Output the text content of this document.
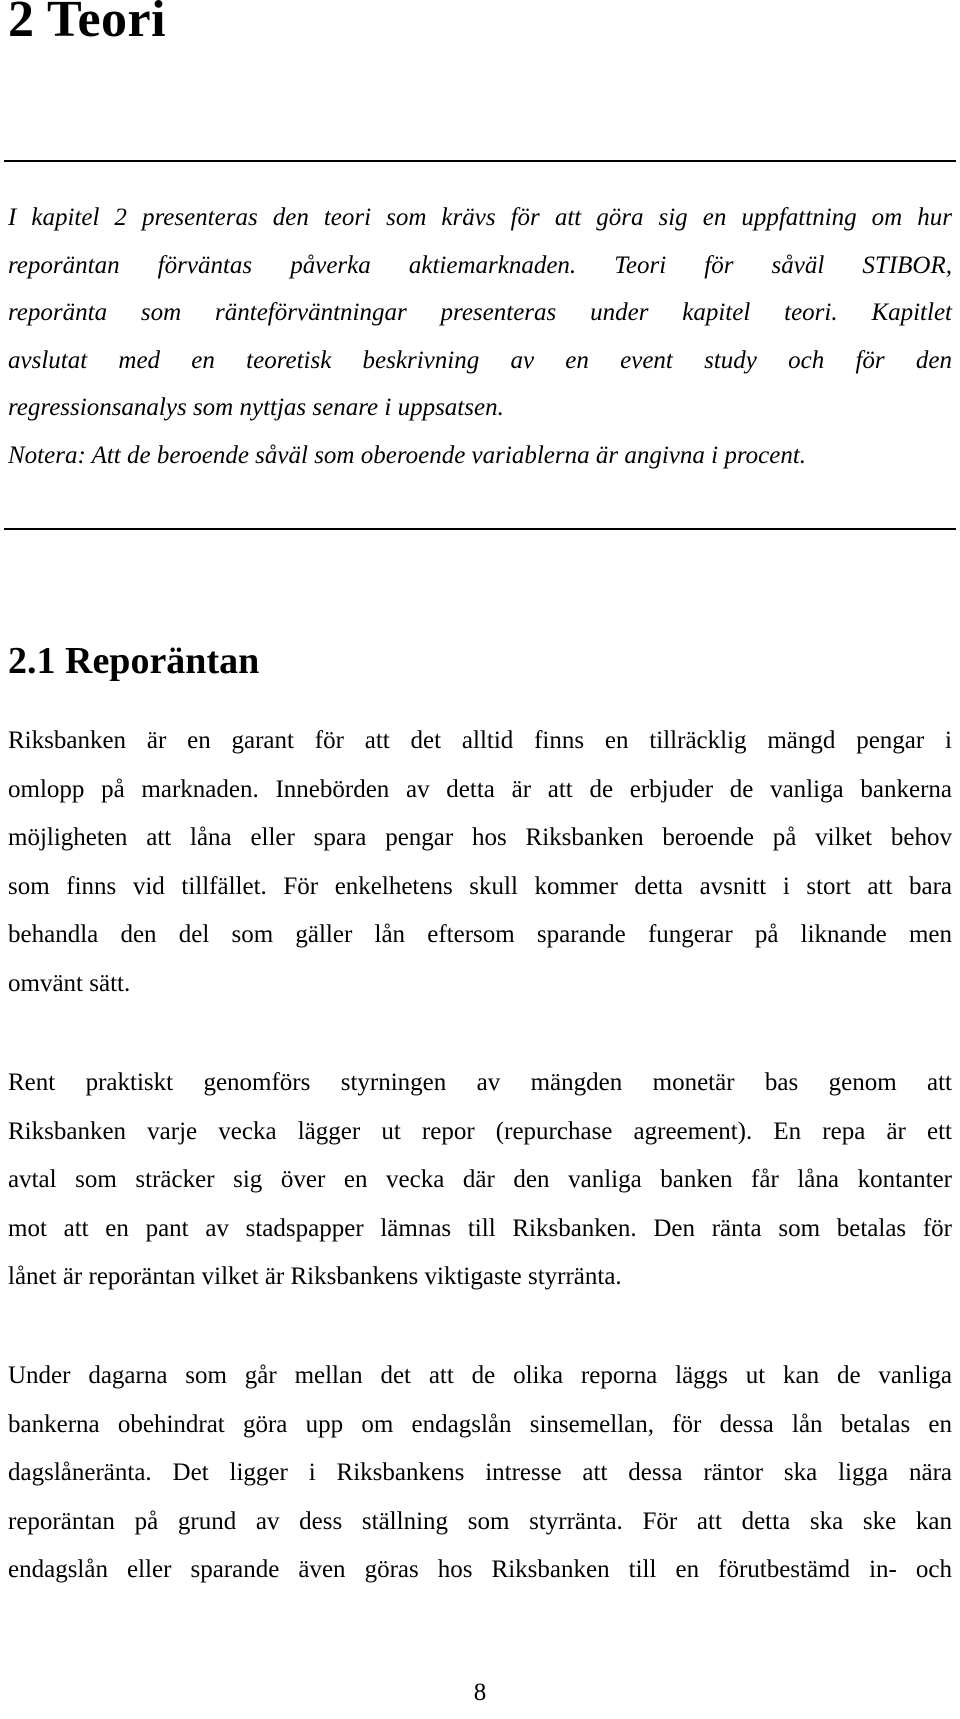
2 Teori

I kapitel 2 presenteras den teori som krävs för att göra sig en uppfattning om hur
reporäntan förväntas påverka aktiemarknaden. Teori för såväl STIBOR,
reporänta som ränteförväntningar presenteras under kapitel teori. Kapitlet
avslutat med en teoretisk beskrivning av en event study och för den
regressionsanalys som nyttjas senare i uppsatsen.
Notera: Att de beroende såväl som oberoende variablerna är angivna i procent.

2.1 Reporäntan

Riksbanken är en garant för att det alltid finns en tillräcklig mängd pengar i
omlopp på marknaden. Innebörden av detta är att de erbjuder de vanliga bankerna
möjligheten att låna eller spara pengar hos Riksbanken beroende på vilket behov
som finns vid tillfället. För enkelhetens skull kommer detta avsnitt i stort att bara
behandla den del som gäller lån eftersom sparande fungerar på liknande men
omvänt sätt.

Rent praktiskt genomförs styrningen av mängden monetär bas genom att
Riksbanken varje vecka lägger ut repor (repurchase agreement). En repa är ett
avtal som sträcker sig över en vecka där den vanliga banken får låna kontanter
mot att en pant av stadspapper lämnas till Riksbanken. Den ränta som betalas för
lånet är reporäntan vilket är Riksbankens viktigaste styrränta.

Under dagarna som går mellan det att de olika reporna läggs ut kan de vanliga
bankerna obehindrat göra upp om endagslån sinsemellan, för dessa lån betalas en
dagslåneränta. Det ligger i Riksbankens intresse att dessa räntor ska ligga nära
reporäntan på grund av dess ställning som styrränta. För att detta ska ske kan
endagslån eller sparande även göras hos Riksbanken till en förutbestämd in- och

8
